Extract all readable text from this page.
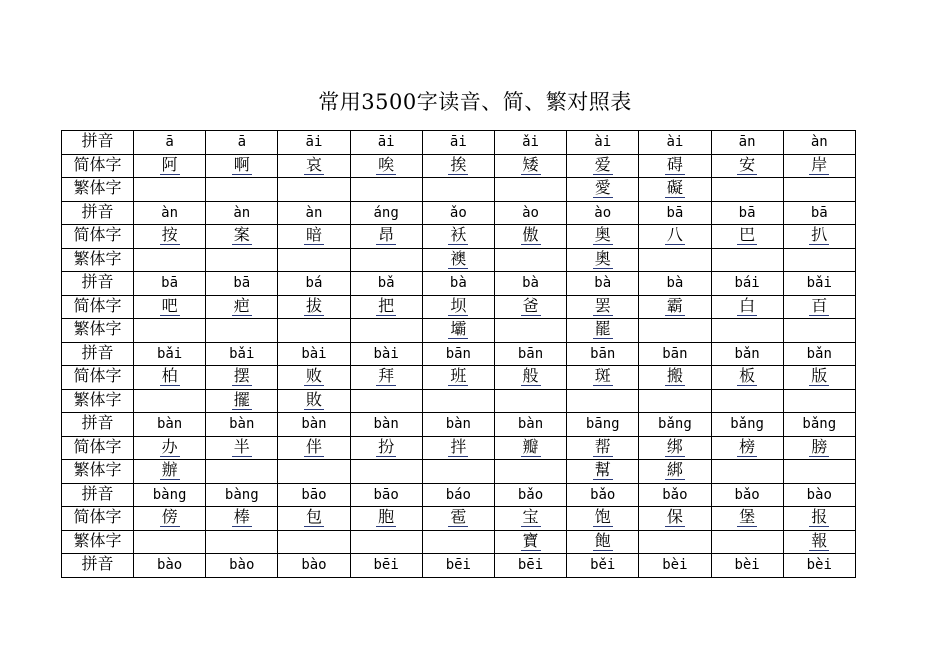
常用3500字读音、简、繁对照表
拼音	ā	ā	āi	āi	āi	ǎi	ài	ài	ān	àn
简体字	阿	啊	哀	唉	挨	矮	爱	碍	安	岸
繁体字							愛	礙		
拼音	àn	àn	àn	áng	ǎo	ào	ào	bā	bā	bā
简体字	按	案	暗	昂	袄	傲	奥	八	巴	扒
繁体字					襖		奧			
拼音	bā	bā	bá	bǎ	bà	bà	bà	bà	bái	bǎi
简体字	吧	疤	拔	把	坝	爸	罢	霸	白	百
繁体字					壩		罷			
拼音	bǎi	bǎi	bài	bài	bān	bān	bān	bān	bǎn	bǎn
简体字	柏	摆	败	拜	班	般	斑	搬	板	版
繁体字		擺	敗							
拼音	bàn	bàn	bàn	bàn	bàn	bàn	bāng	bǎng	bǎng	bǎng
简体字	办	半	伴	扮	拌	瓣	帮	绑	榜	膀
繁体字	辦						幫	綁		
拼音	bàng	bàng	bāo	bāo	báo	bǎo	bǎo	bǎo	bǎo	bào
简体字	傍	棒	包	胞	雹	宝	饱	保	堡	报
繁体字						寶	飽			報
拼音	bào	bào	bào	bēi	bēi	bēi	běi	bèi	bèi	bèi
